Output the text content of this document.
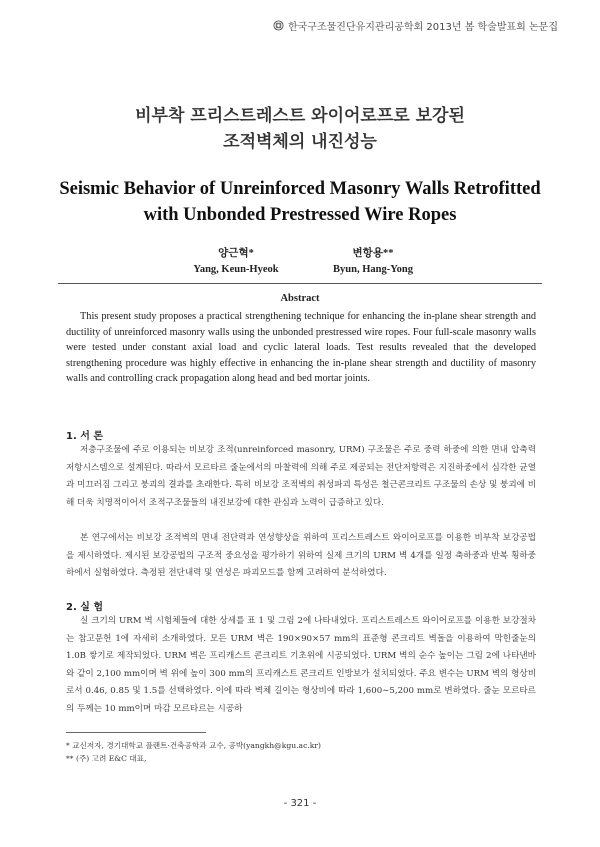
한국구조물진단유지관리공학회 2013년 봄 학술발표회 논문집
비부착 프리스트레스트 와이어로프로 보강된
조적벽체의 내진성능
Seismic Behavior of Unreinforced Masonry Walls Retrofitted
with Unbonded Prestressed Wire Ropes
양근혁*
Yang, Keun-Hyeok
변항용**
Byun, Hang-Yong
Abstract
This present study proposes a practical strengthening technique for enhancing the in-plane shear strength and ductility of unreinforced masonry walls using the unbonded prestressed wire ropes. Four full-scale masonry walls were tested under constant axial load and cyclic lateral loads. Test results revealed that the developed strengthening procedure was highly effective in enhancing the in-plane shear strength and ductility of masonry walls and controlling crack propagation along head and bed mortar joints.
1. 서 론

저층구조물에 주로 이용되는 비보강 조적(unreinforced masonry, URM) 구조물은 주로 중력 하중에 의한 면내 압축력 저항시스템으로 설계된다. 따라서 모르타르 줄눈에서의 마찰력에 의해 주로 제공되는 전단저항력은 지진하중에서 심각한 균열과 미끄러짐 그리고 붕괴의 결과를 초래한다. 특히 비보강 조적벽의 취성파괴 특성은 철근콘크리트 구조물의 손상 및 붕괴에 비해 더욱 치명적이어서 조적구조물들의 내진보강에 대한 관심과 노력이 급증하고 있다.

본 연구에서는 비보강 조적벽의 면내 전단력과 연성향상을 위하여 프리스트레스트 와이어로프를 이용한 비부착 보강공법을 제시하였다. 제시된 보강공법의 구조적 중요성을 평가하기 위하여 실제 크기의 URM 벽 4개를 일정 축하중과 반복 횡하중 하에서 실험하였다. 측정된 전단내력 및 연성은 파괴모드를 함께 고려하여 분석하였다.

2. 실 험

실 크기의 URM 벽 시험체들에 대한 상세를 표 1 및 그림 2에 나타내었다. 프리스트레스트 와이어로프를 이용한 보강절차는 참고문헌 1에 자세히 소개하였다. 모든 URM 벽은 190×90×57 mm의 표준형 콘크리트 벽돌을 이용하여 막힌줄눈의 1.0B 쌓기로 제작되었다. URM 벽은 프리캐스트 콘크리트 기초위에 시공되었다. URM 벽의 순수 높이는 그림 2에 나타낸바와 같이 2,100 mm이며 벽 위에 높이 300 mm의 프리캐스트 콘크리트 인방보가 설치되었다. 주요 변수는 URM 벽의 형상비로서 0.46, 0.85 및 1.5를 선택하였다. 이에 따라 벽체 길이는 형상비에 따라 1,600∼5,200 mm로 변하였다. 줄눈 모르타르의 두께는 10 mm이며 마감 모르타르는 시공하

* 교신저자, 경기대학교 플랜트·건축공학과 교수, 공박(yangkh@kgu.ac.kr)
** (주) 고려 E&C 대표,
- 321 -
